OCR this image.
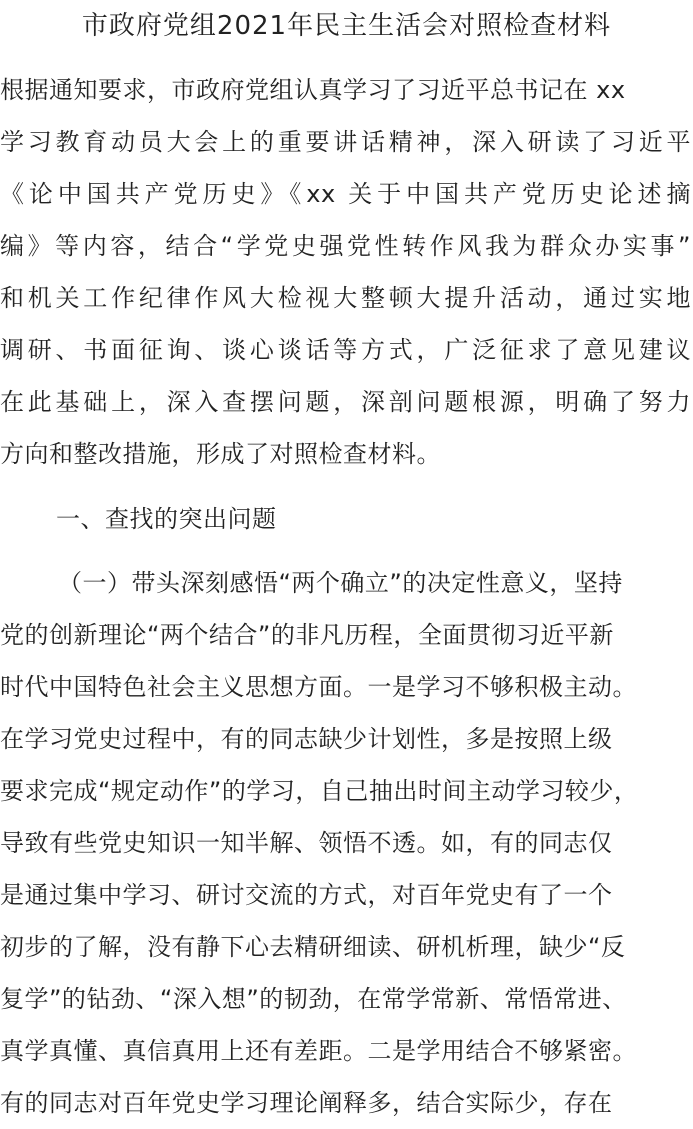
市政府党组2021年民主生活会对照检查材料
根据通知要求，市政府党组认真学习了习近平总书记在 xx
学习教育动员大会上的重要讲话精神，深入研读了习近平
《论中国共产党历史》《xx 关于中国共产党历史论述摘
编》等内容，结合“学党史强党性转作风我为群众办实事”
和机关工作纪律作风大检视大整顿大提升活动，通过实地
调研、书面征询、谈心谈话等方式，广泛征求了意见建议
在此基础上，深入查摆问题，深剖问题根源，明确了努力
方向和整改措施，形成了对照检查材料。
一、查找的突出问题
（一）带头深刻感悟“两个确立”的决定性意义，坚持
党的创新理论“两个结合”的非凡历程，全面贯彻习近平新
时代中国特色社会主义思想方面。一是学习不够积极主动。
在学习党史过程中，有的同志缺少计划性，多是按照上级
要求完成“规定动作”的学习，自己抽出时间主动学习较少，
导致有些党史知识一知半解、领悟不透。如，有的同志仅
是通过集中学习、研讨交流的方式，对百年党史有了一个
初步的了解，没有静下心去精研细读、研机析理，缺少“反
复学”的钻劲、“深入想”的韧劲，在常学常新、常悟常进、
真学真懂、真信真用上还有差距。二是学用结合不够紧密。
有的同志对百年党史学习理论阐释多，结合实际少，存在
